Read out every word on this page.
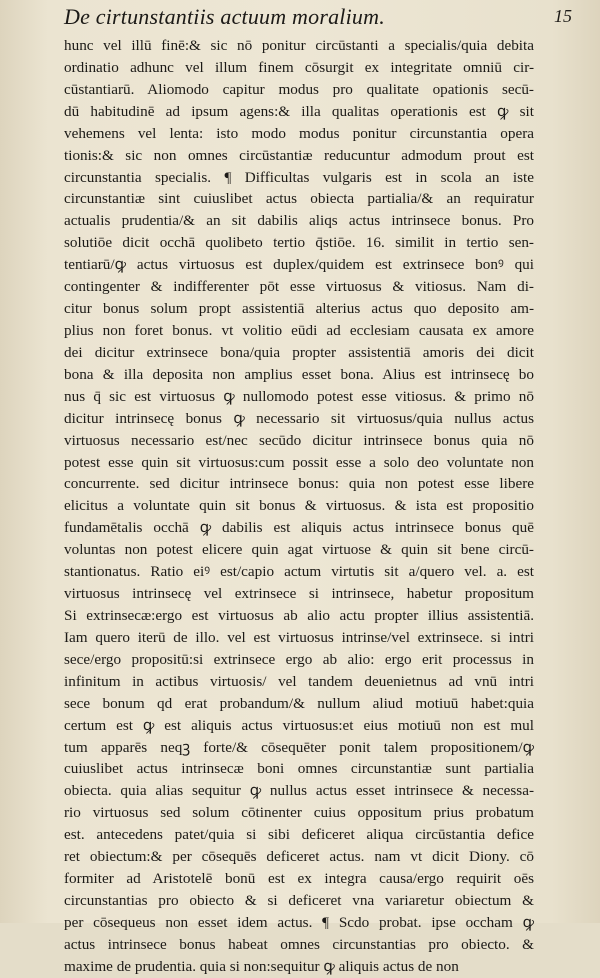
De cirtunstantiis actuum moralium.	15
hunc vel illū finē:& sic nō ponitur circūstanti a specialis/quia debita
ordinatio adhunc vel illum finem cōsurgit ex integritate omniū cir-
cūstantiarū. Aliomodo capitur modus pro qualitate opationis secū-
dū habitudinē ad ipsum agens:& illa qualitas operationis est ꝙ sit
vehemens vel lenta: isto modo modus ponitur circunstantia opera
tionis:& sic non omnes circūstantiæ reducuntur admodum prout est
circunstantia specialis. ¶ Difficultas vulgaris est in scola an iste
circunstantiæ sint cuiuslibet actus obiecta partialia/& an requiratur
actualis prudentia/& an sit dabilis aliqs actus intrinsece bonus. Pro
solutiōe dicit occhā quolibeto tertio q̄stiōe. 16. similit in tertio sen-
tentiarū/ꝙ actus virtuosus est duplex/quidem est extrinsece bonꝰ qui
contingenter & indifferenter pōt esse virtuosus & vitiosus. Nam di-
citur bonus solum propt assistentiā alterius actus quo deposito am-
plius non foret bonus. vt volitio eūdi ad ecclesiam causata ex amore
dei dicitur extrinsece bona/quia propter assistentiā amoris dei dicit
bona & illa deposita non amplius esset bona. Alius est intrinsecę bo
nus q̄ sic est virtuosus ꝙ nullomodo potest esse vitiosus. & primo nō
dicitur intrinsecę bonus ꝙ necessario sit virtuosus/quia nullus actus
virtuosus necessario est/nec secūdo dicitur intrinsece bonus quia nō
potest esse quin sit virtuosus:cum possit esse a solo deo voluntate non
concurrente. sed dicitur intrinsece bonus: quia non potest esse libere
elicitus a voluntate quin sit bonus & virtuosus. & ista est propositio
fundamētalis occhā ꝙ dabilis est aliquis actus intrinsece bonus quē
voluntas non potest elicere quin agat virtuose & quin sit bene circū-
stantionatus. Ratio eiꝰ est/capio actum virtutis sit a/quero vel. a. est
virtuosus intrinsecę vel extrinsece si intrinsece, habetur propositum
Si extrinsecæ:ergo est virtuosus ab alio actu propter illius assistentiā.
Iam quero iterū de illo. vel est virtuosus intrinse/vel extrinsece. si intri
sece/ergo propositū:si extrinsece ergo ab alio: ergo erit processus in
infinitum in actibus virtuosis/ vel tandem deuenietnus ad vnū intri
sece bonum qd erat probandum/& nullum aliud motiuū habet:quia
certum est ꝙ est aliquis actus virtuosus:et eius motiuū non est mul
tum apparēs neqꝫ forte/& cōsequēter ponit talem propositionem/ꝙ
cuiuslibet actus intrinsecæ boni omnes circunstantiæ sunt partialia
obiecta. quia alias sequitur ꝙ nullus actus esset intrinsece & necessa-
rio virtuosus sed solum cōtinenter cuius oppositum prius probatum
est. antecedens patet/quia si sibi deficeret aliqua circūstantia defice
ret obiectum:& per cōsequēs deficeret actus. nam vt dicit Diony. cō
formiter ad Aristotelē bonū est ex integra causa/ergo requirit oēs
circunstantias pro obiecto & si deficeret vna variaretur obiectum &
per cōsequeus non esset idem actus. ¶ Scdo probat. ipse occham ꝙ
actus intrinsece bonus habeat omnes circunstantias pro obiecto. &
maxime de prudentia. quia si non:sequitur ꝙ aliquis actus de non
